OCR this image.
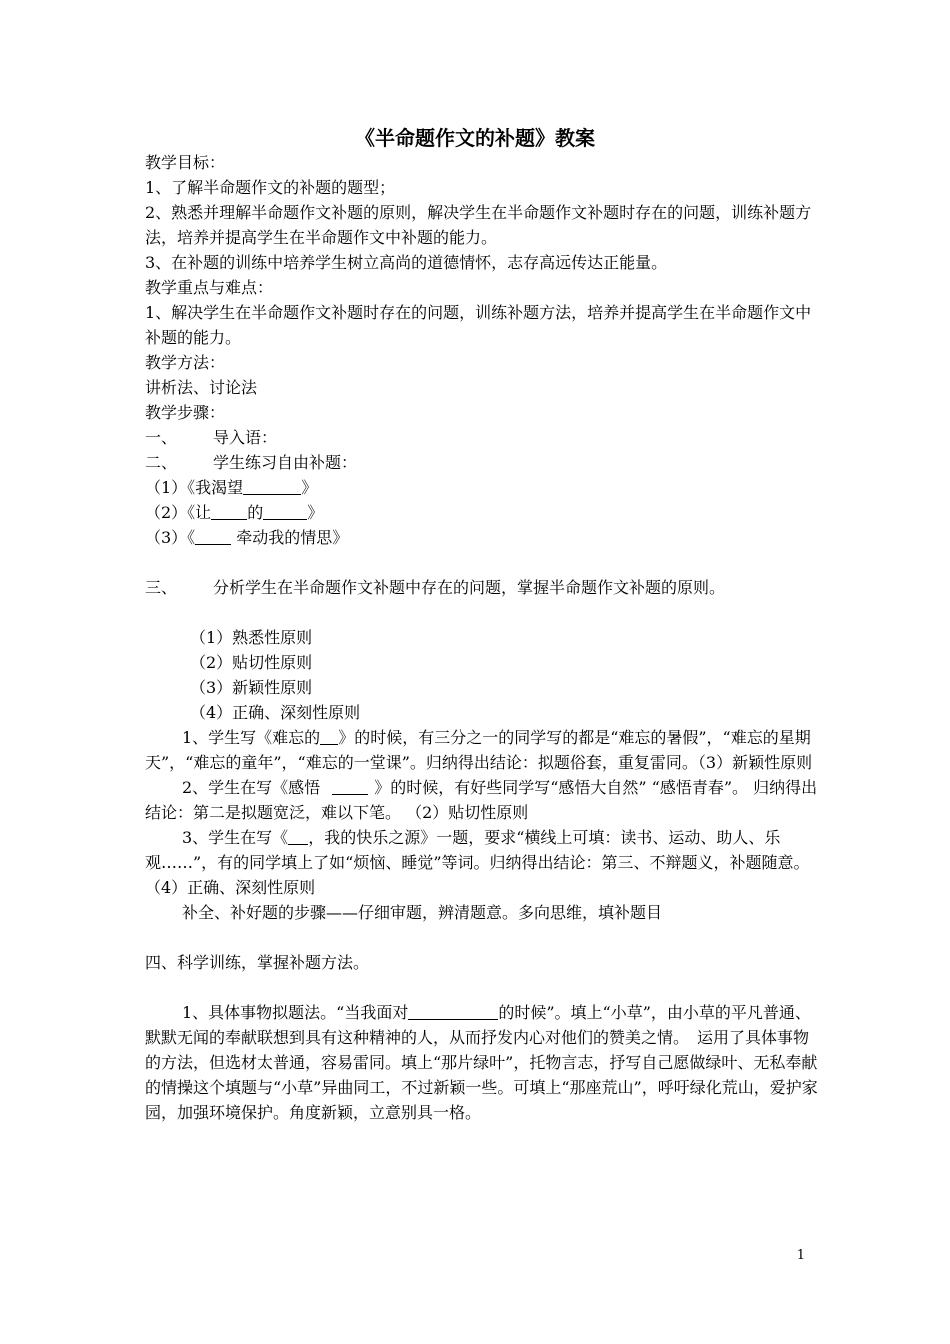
《半命题作文的补题》教案

教学目标：

1、了解半命题作文的补题的题型；

2、熟悉并理解半命题作文补题的原则，解决学生在半命题作文补题时存在的问题，训练补题方法，培养并提高学生在半命题作文中补题的能力。

3、在补题的训练中培养学生树立高尚的道德情怀，志存高远传达正能量。

教学重点与难点：

1、解决学生在半命题作文补题时存在的问题，训练补题方法，培养并提高学生在半命题作文中补题的能力。

教学方法：

讲析法、讨论法

教学步骤：

一、 导入语：

二、 学生练习自由补题：

（1）《我渴望	》

（2）《让 的	》

（3）《 牵动我的情思》

三、 分析学生在半命题作文补题中存在的问题，掌握半命题作文补题的原则。

（1）熟悉性原则

（2）贴切性原则

（3）新颖性原则

（4）正确、深刻性原则

1、学生写《难忘的 》的时候，有三分之一的同学写的都是“难忘的暑假”，“难忘的星期天”，“难忘的童年”，“难忘的一堂课”。归纳得出结论：拟题俗套，重复雷同。（3）新颖性原则

2、学生在写《感悟	》的时候，有好些同学写“感悟大自然” “感悟青春”。 归纳得出结论：第二是拟题宽泛，难以下笔。 （2）贴切性原则

3、学生在写《 ，我的快乐之源》一题，要求“横线上可填：读书、运动、助人、乐观……”，有的同学填上了如“烦恼、睡觉”等词。归纳得出结论：第三、不辩题义，补题随意。（4）正确、深刻性原则

补全、补好题的步骤——仔细审题，辨清题意。多向思维，填补题目

四、科学训练，掌握补题方法。

1、具体事物拟题法。“当我面对	的时候”。填上“小草”，由小草的平凡普通、默默无闻的奉献联想到具有这种精神的人，从而抒发内心对他们的赞美之情。　运用了具体事物的方法，但选材太普通，容易雷同。填上“那片绿叶”，托物言志，抒写自己愿做绿叶、无私奉献的情操这个填题与“小草”异曲同工，不过新颖一些。可填上“那座荒山”，呼吁绿化荒山，爱护家园，加强环境保护。角度新颖，立意别具一格。

1
